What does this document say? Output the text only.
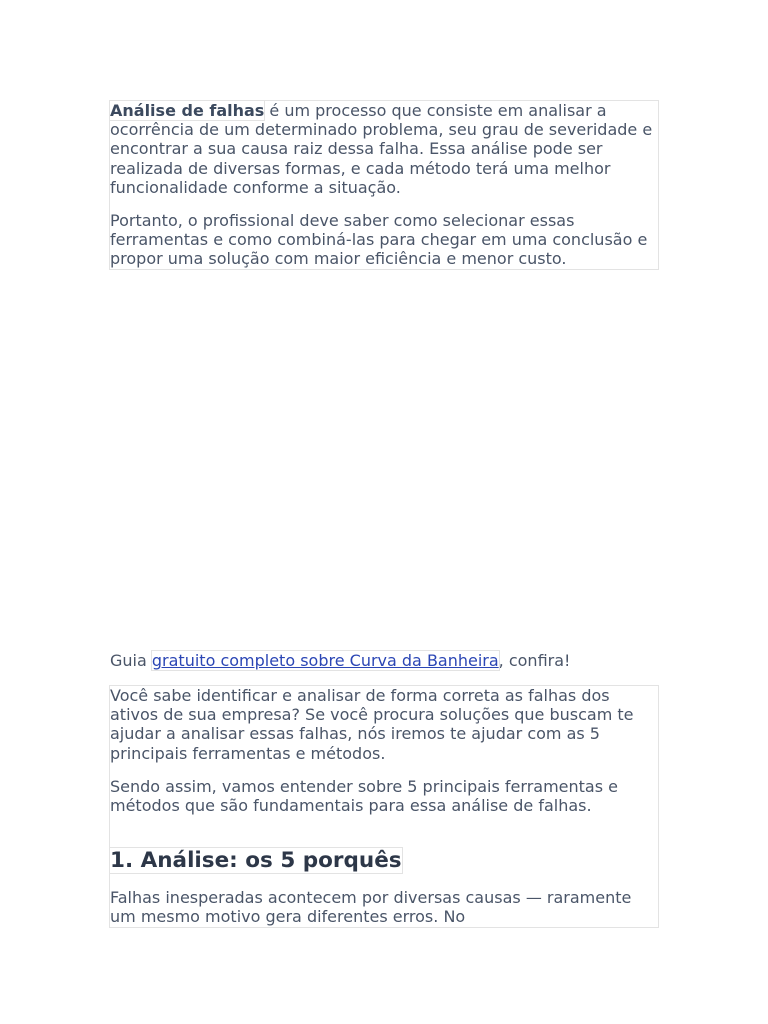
Análise de falhas é um processo que consiste em analisar a ocorrência de um determinado problema, seu grau de severidade e encontrar a sua causa raiz dessa falha. Essa análise pode ser realizada de diversas formas, e cada método terá uma melhor funcionalidade conforme a situação.

Portanto, o profissional deve saber como selecionar essas ferramentas e como combiná-las para chegar em uma conclusão e propor uma solução com maior eficiência e menor custo.

Guia gratuito completo sobre Curva da Banheira, confira!

Você sabe identificar e analisar de forma correta as falhas dos ativos de sua empresa? Se você procura soluções que buscam te ajudar a analisar essas falhas, nós iremos te ajudar com as 5 principais ferramentas e métodos.

Sendo assim, vamos entender sobre 5 principais ferramentas e métodos que são fundamentais para essa análise de falhas.

1. Análise: os 5 porquês

Falhas inesperadas acontecem por diversas causas — raramente um mesmo motivo gera diferentes erros. No
